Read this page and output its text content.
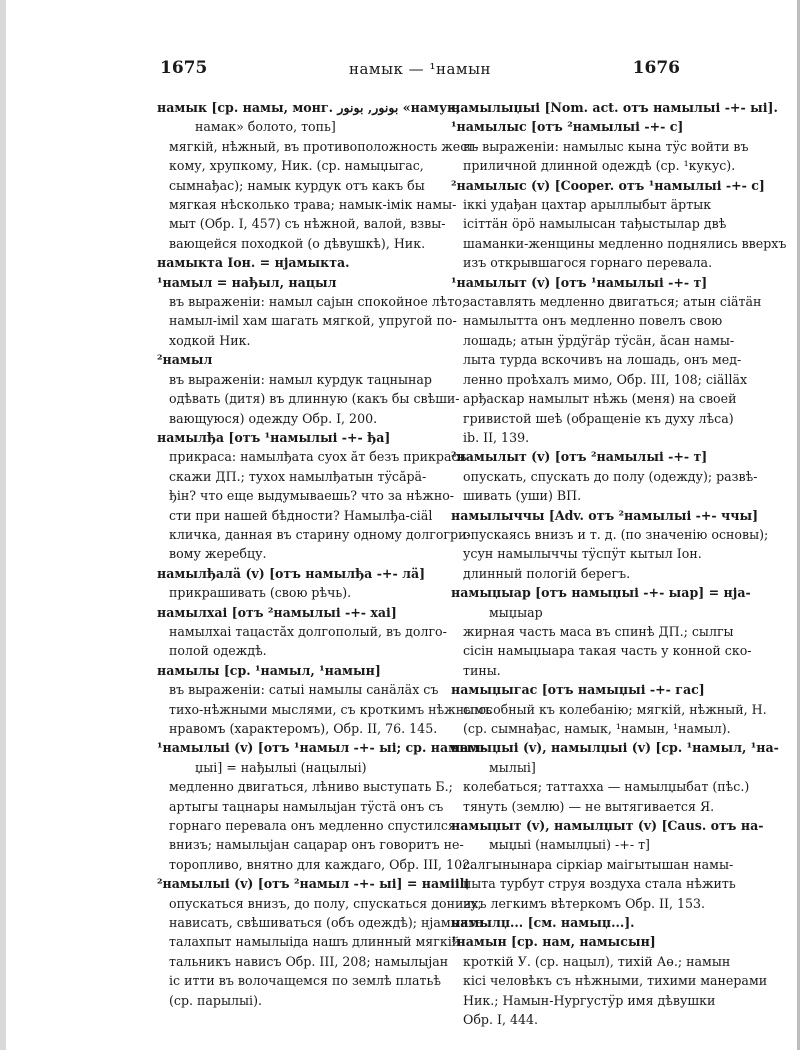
1675	намык — ¹намын	1676
намык [ср. намы, монг. ﺑﻮﻧﻮﺭ, ﺑﻮﻧﻮﺭ «намук,
намак» болото, топь]
мягкій, нѣжный, въ противоположность жест-
кому, хрупкому, Ник. (ср. намыџыгас,
сымнађас); намык курдук отъ какъ бы
мягкая нѣсколько трава; намык-імік намы-
мыт (Обр. I, 457) съ нѣжной, валой, взвы-
вающейся походкой (о дѣвушкѣ), Ник.
намыкта Іон. = нјамыкта.
¹намыл = нађыл, нацыл
въ выраженіи: намыл сајын спокойное лѣто;
намыл-іміl хам шагать мягкой, упругой по-
ходкой Ник.
²намыл
въ выраженіи: намыл курдук тацнынар
одѣвать (дитя) въ длинную (какъ бы свѣши-
вающуюся) одежду Обр. I, 200.
намылђа [отъ ¹намылыі -+- ђа]
прикраса: намылђата суох ӑт безъ прикрасъ
скажи ДП.; тухох намылђатын тӱсӑрӓ-
ђін? что еще выдумываешь? что за нѣжно-
сти при нашей бѣдности? Намылђа-сіäl
кличка, данная въ старину одному долгогри-
вому жеребцу.
намылђалӓ (v) [отъ намылђа -+- лӓ]
прикрашивать (свою рѣчь).
намылхаі [отъ ²намылыі -+- хаі]
намылхаі тацастӑх долгополый, въ долго-
полой одеждѣ.
намылы [ср. ¹намыл, ¹намын]
въ выраженіи: сатыі намылы санӓлӓх съ
тихо-нѣжными мыслями, съ кроткимъ нѣжнымъ
нравомъ (характеромъ), Обр. II, 76. 145.
¹намылыі (v) [отъ ¹намыл -+- ыі; ср. намыл-
џыі] = нађылыі (нацылыі)
медленно двигаться, лѣниво выступать Б.;
артыгы тацнары намылыјан тӱстӓ онъ съ
горнаго перевала онъ медленно спустился
внизъ; намылыјан сацарар онъ говоритъ не-
торопливо, внятно для каждаго, Обр. III, 102.
²намылыі (v) [отъ ²намыл -+- ыі] = намііlі
опускаться внизъ, до полу, спускаться донизу,
нависать, свѣшиваться (объ одеждѣ); нјамыкта
талахпыт намылыіда нашъ длинный мягкій
тальникъ нависъ Обр. III, 208; намылыјан
іс итти въ волочащемся по землѣ платьѣ
(ср. парылыі).
намылыџыі [Nom. act. отъ намылыі -+- ыі].
¹намылыс [отъ ²намылыі -+- с]
въ выраженіи: намылыс кына тӱс войти въ
приличной длинной одеждѣ (ср. ¹кукус).
²намылыс (v) [Cooper. отъ ¹намылыі -+- с]
іккі удађан цахтар арыллыбыт ӓртык
ісіттӓн ӧрӧ намылысан тађыстылар двѣ
шаманки-женщины медленно поднялись вверхъ
изъ открывшагося горнаго перевала.
¹намылыт (v) [отъ ¹намылыі -+- т]
заставлять медленно двигаться; атын сіӓтӓн
намылытта онъ медленно повелъ свою
лошадь; атын ӱрдӱгӓр тӱсӓн, ӑсан намы-
лыта турда вскочивъ на лошадь, онъ мед-
ленно проѣхалъ мимо, Обр. III, 108; сіӓllӓх
арђаскар намылыт нѣжь (меня) на своей
гривистой шеѣ (обращеніе къ духу лѣса)
ib. II, 139.
²намылыт (v) [отъ ²намылыі -+- т]
опускать, спускать до полу (одежду); развѣ-
шивать (уши) ВП.
намылыччы [Adv. отъ ²намылыі -+- ччы]
опускаясь внизъ и т. д. (по значенію основы);
усун намылыччы тӱспӱт кытыл Іон.
длинный пологій берегъ.
намыџыар [отъ намыџыі -+- ыар] = нја-
мыџыар
жирная часть маса въ спинѣ ДП.; сылгы
сісін намыџыара такая часть у конной ско-
тины.
намыџыгас [отъ намыџыі -+- гас]
способный къ колебанію; мягкій, нѣжный, Н.
(ср. сымнађас, намык, ¹намын, ¹намыл).
намыџыі (v), намылџыі (v) [ср. ¹намыл, ¹на-
мылыі]
колебаться; таттахха — намылџыбат (пѣс.)
тянуть (землю) — не вытягивается Я.
намыџыт (v), намылџыт (v) [Caus. отъ на-
мыџыі (намылџыі) -+- т]
салгынынара сіркіар маігытышан намы-
џыта турбут струя воздуха стала нѣжить
ихъ легкимъ вѣтеркомъ Обр. II, 153.
намылџ... [см. намыџ...].
¹намын [ср. нам, намысын]
кроткій У. (ср. нацыл), тихій Аө.; намын
кісі человѣкъ съ нѣжными, тихими манерами
Ник.; Намын-Нургустӱр имя дѣвушки
Обр. I, 444.
